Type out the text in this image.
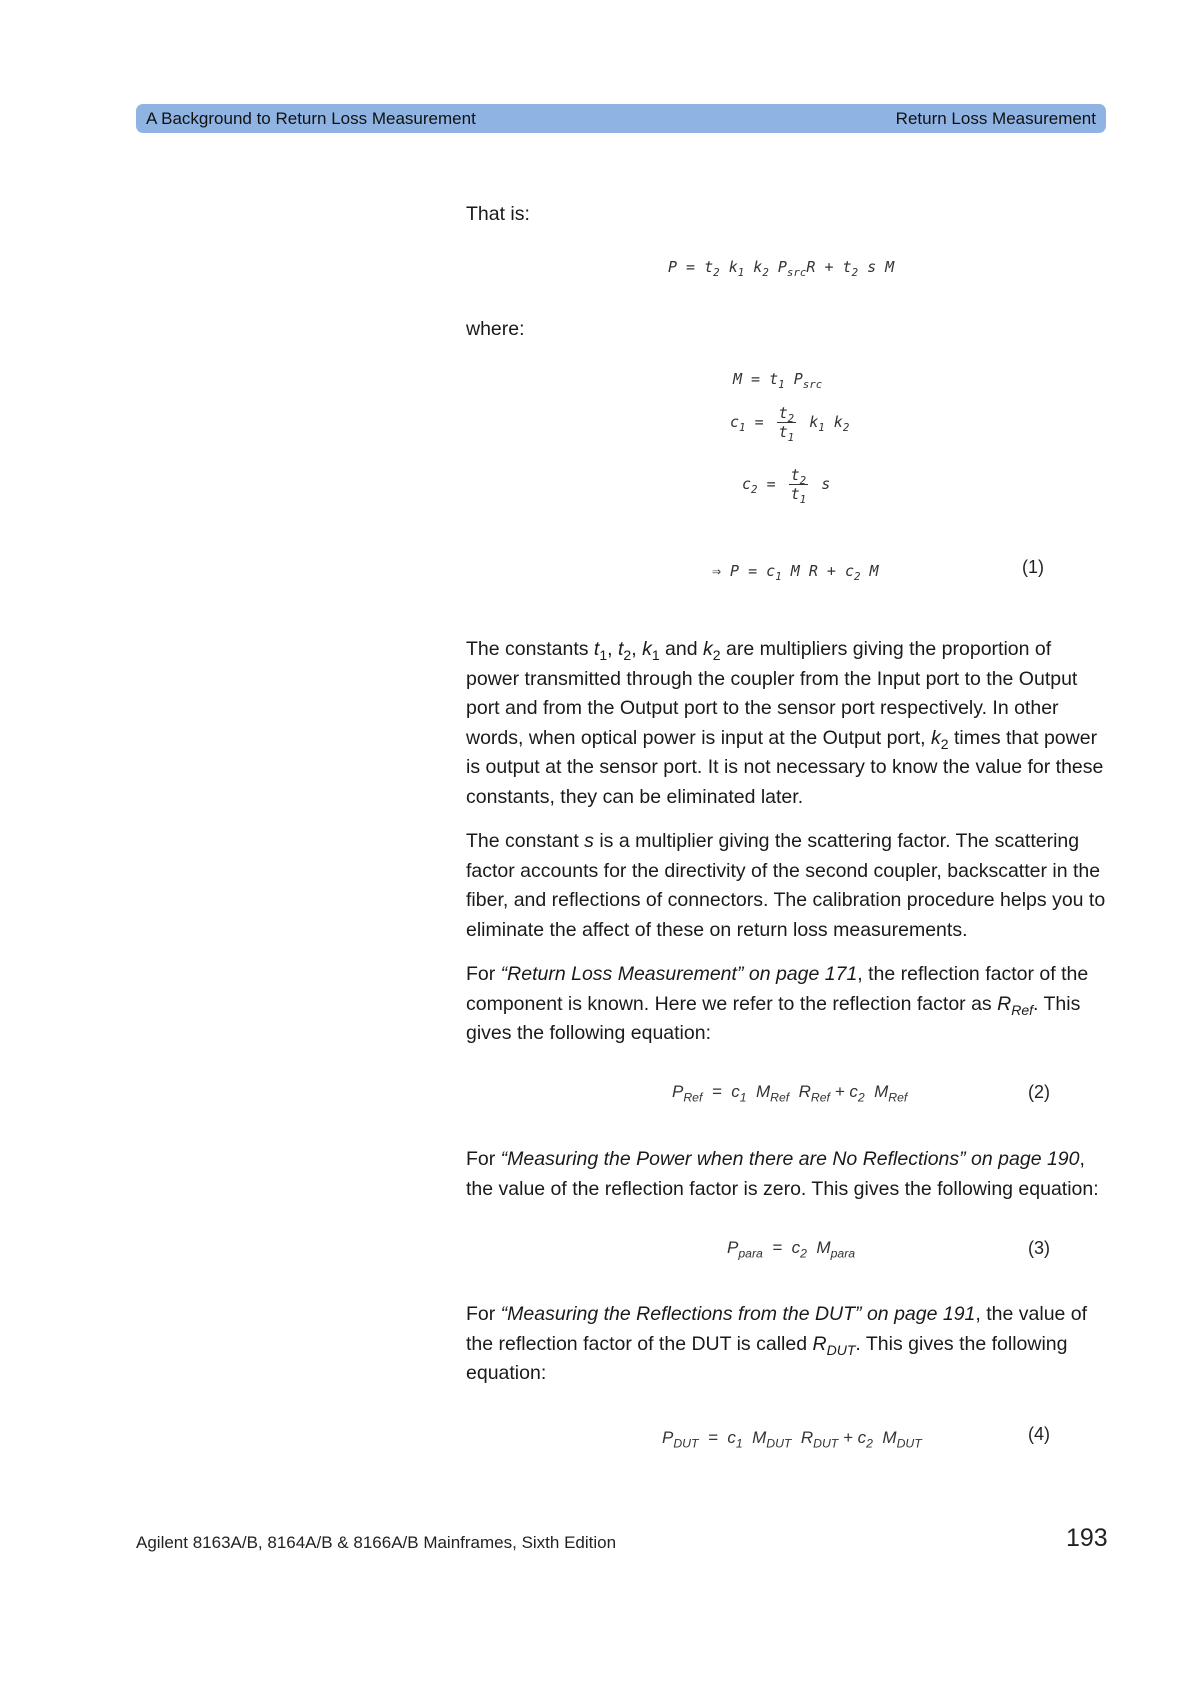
A Background to Return Loss Measurement	Return Loss Measurement

That is:

$P = t_2$ $k_1$ $k_2$ $P_{src}R + t_2$ s M

where:

$M = t_1$ $P_{src}$
$c_1 = \frac{t_2}{t_1} k_1$ $k_2$
$c_2 = \frac{t_2}{t_1}$ s
⇒ $P = c_1$ M $R + c_2$ M	(1)

The constants $t_1$, $t_2$, $k_1$ and $k_2$ are multipliers giving the proportion of power transmitted through the coupler from the Input port to the Output port and from the Output port to the sensor port respectively. In other words, when optical power is input at the Output port, $k_2$ times that power is output at the sensor port. It is not necessary to know the value for these constants, they can be eliminated later.

The constant s is a multiplier giving the scattering factor. The scattering factor accounts for the directivity of the second coupler, backscatter in the fiber, and reflections of connectors. The calibration procedure helps you to eliminate the affect of these on return loss measurements.

For “Return Loss Measurement” on page 171, the reflection factor of the component is known. Here we refer to the reflection factor as $R_{Ref}$. This gives the following equation:

$P_{Ref} = c_1$  $M_{Ref}$  $R_{Ref} + c_2$  $M_{Ref}$	(2)

For “Measuring the Power when there are No Reflections” on page 190, the value of the reflection factor is zero. This gives the following equation:

$P_{para} = c_2$  $M_{para}$	(3)

For “Measuring the Reflections from the DUT” on page 191, the value of the reflection factor of the DUT is called $R_{DUT}$. This gives the following equation:

$P_{DUT} = c_1$  $M_{DUT}$  $R_{DUT} + c_2$  $M_{DUT}$	(4)
Agilent 8163A/B, 8164A/B & 8166A/B Mainframes, Sixth Edition	193
